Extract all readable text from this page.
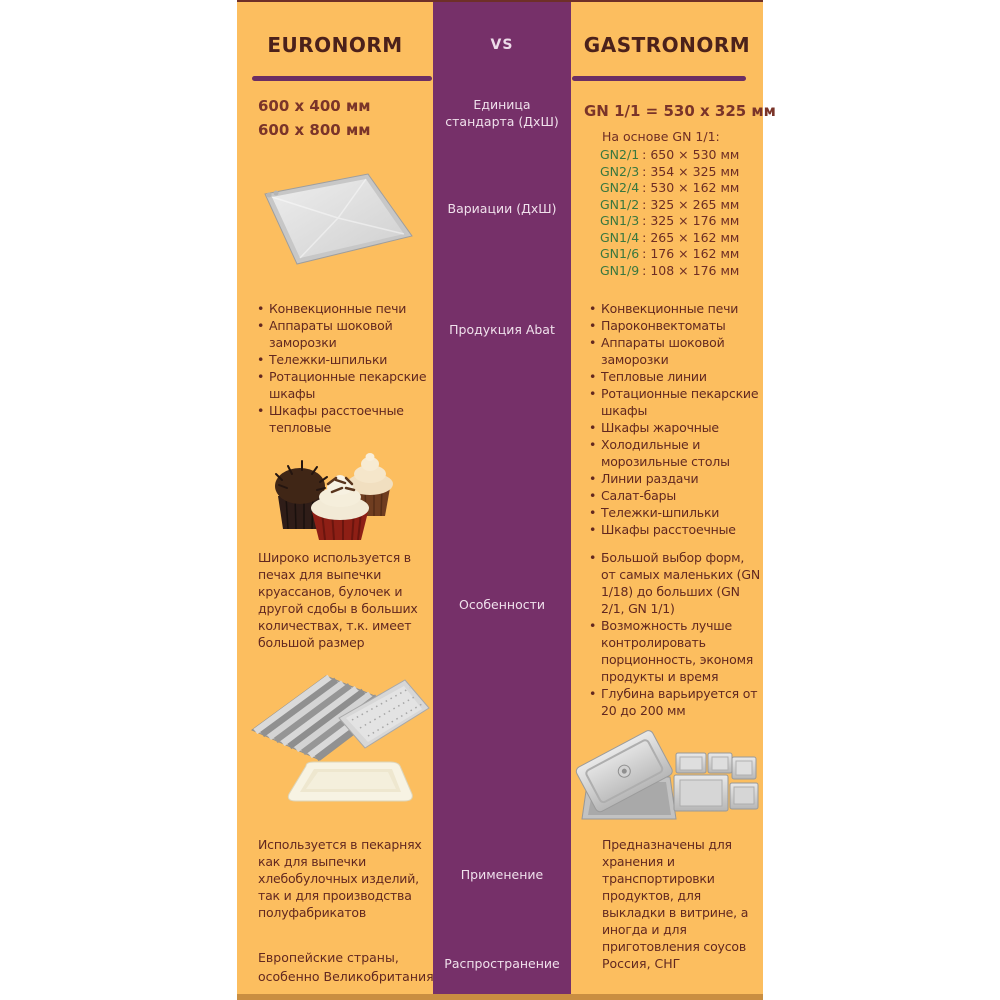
EURONORM	VS	GASTRONORM
Единица стандарта (ДхШ)
Вариации (ДхШ)
Продукция Abat
Особенности
Применение
Распространение
600 x 400 мм
600 x 800 мм
GN 1/1 = 530 x 325 мм
На основе GN 1/1:
GN2/1 : 650 × 530 мм
GN2/3 : 354 × 325 мм
GN2/4 : 530 × 162 мм
GN1/2 : 325 × 265 мм
GN1/3 : 325 × 176 мм
GN1/4 : 265 × 162 мм
GN1/6 : 176 × 162 мм
GN1/9 : 108 × 176 мм
• Конвекционные печи
• Аппараты шоковой заморозки
• Тележки-шпильки
• Ротационные пекарские шкафы
• Шкафы расстоечные тепловые
• Конвекционные печи
• Пароконвектоматы
• Аппараты шоковой заморозки
• Тепловые линии
• Ротационные пекарские шкафы
• Шкафы жарочные
• Холодильные и морозильные столы
• Линии раздачи
• Салат-бары
• Тележки-шпильки
• Шкафы расстоечные
Широко используется в печах для выпечки круассанов, булочек и другой сдобы в больших количествах, т.к. имеет большой размер
• Большой выбор форм, от самых маленьких (GN 1/18) до больших (GN 2/1, GN 1/1)
• Возможность лучше контролировать порционность, экономя продукты и время
• Глубина варьируется от 20 до 200 мм
Используется в пекарнях как для выпечки хлебобулочных изделий, так и для производства полуфабрикатов
Предназначены для хранения и транспортировки продуктов, для выкладки в витрине, а иногда и для приготовления соусов
Европейские страны, особенно Великобритания
Россия, СНГ
